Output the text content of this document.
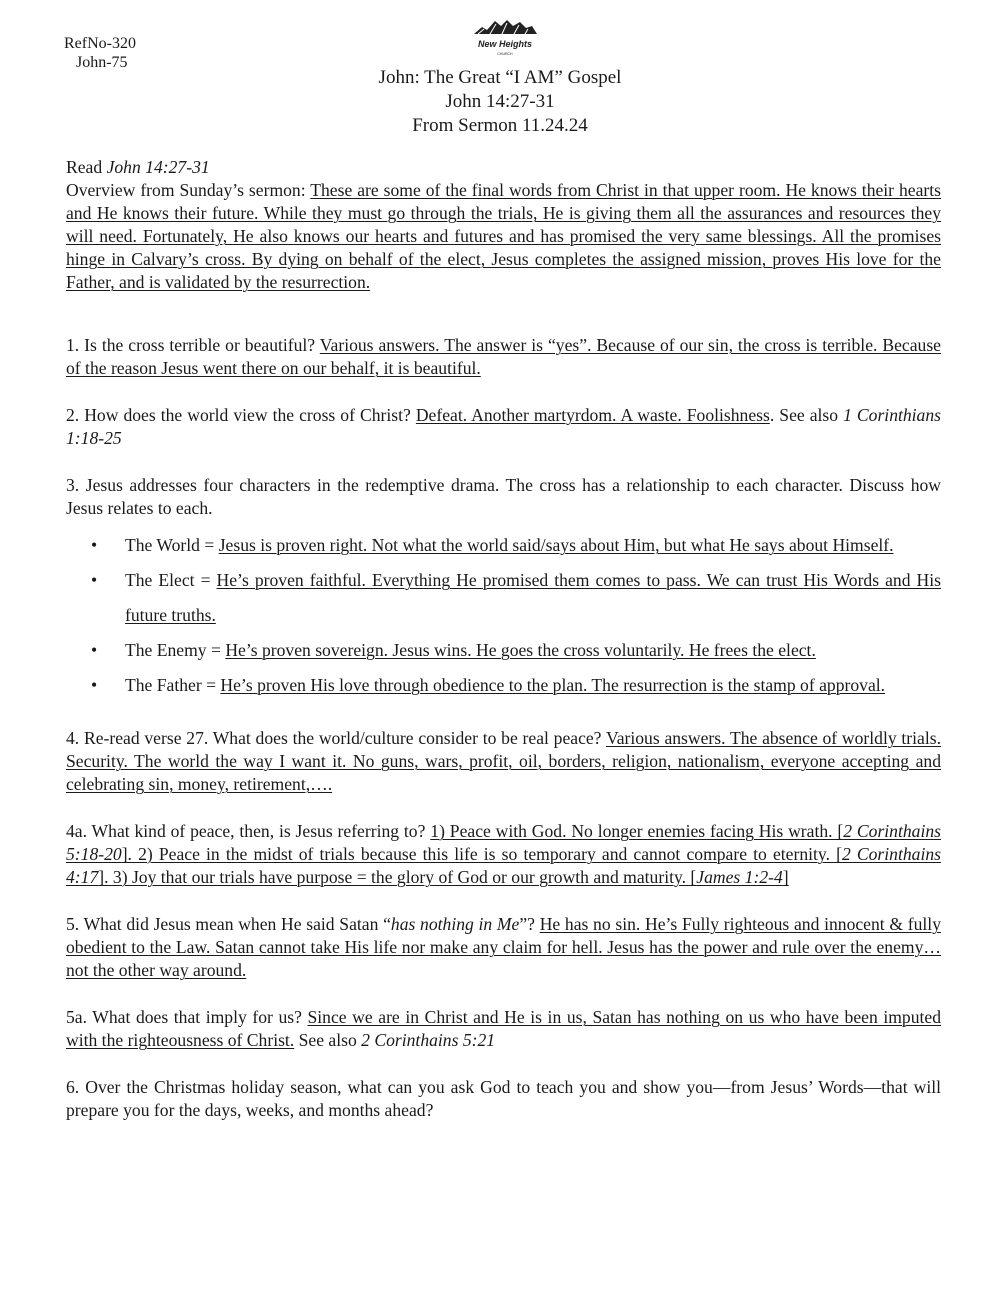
RefNo-320
John-75
New Heights
CHURCH
John: The Great “I AM” Gospel
John 14:27-31
From Sermon 11.24.24

Read John 14:27-31

Overview from Sunday’s sermon: These are some of the final words from Christ in that upper room. He knows their hearts and He knows their future. While they must go through the trials, He is giving them all the assurances and resources they will need. Fortunately, He also knows our hearts and futures and has promised the very same blessings. All the promises hinge in Calvary’s cross. By dying on behalf of the elect, Jesus completes the assigned mission, proves His love for the Father, and is validated by the resurrection.

1. Is the cross terrible or beautiful? Various answers. The answer is “yes”. Because of our sin, the cross is terrible. Because of the reason Jesus went there on our behalf, it is beautiful.

2. How does the world view the cross of Christ? Defeat. Another martyrdom. A waste. Foolishness. See also 1 Corinthians 1:18-25

3. Jesus addresses four characters in the redemptive drama. The cross has a relationship to each character. Discuss how Jesus relates to each.

• The World = Jesus is proven right. Not what the world said/says about Him, but what He says about Himself.
• The Elect = He’s proven faithful. Everything He promised them comes to pass. We can trust His Words and His future truths.
• The Enemy = He’s proven sovereign. Jesus wins. He goes the cross voluntarily. He frees the elect.
• The Father = He’s proven His love through obedience to the plan. The resurrection is the stamp of approval.

4. Re-read verse 27. What does the world/culture consider to be real peace? Various answers. The absence of worldly trials. Security. The world the way I want it. No guns, wars, profit, oil, borders, religion, nationalism, everyone accepting and celebrating sin, money, retirement,….

4a. What kind of peace, then, is Jesus referring to? 1) Peace with God. No longer enemies facing His wrath. [2 Corinthains 5:18-20]. 2) Peace in the midst of trials because this life is so temporary and cannot compare to eternity. [2 Corinthains 4:17]. 3) Joy that our trials have purpose = the glory of God or our growth and maturity. [James 1:2-4]

5. What did Jesus mean when He said Satan “has nothing in Me”? He has no sin. He’s Fully righteous and innocent & fully obedient to the Law. Satan cannot take His life nor make any claim for hell. Jesus has the power and rule over the enemy…not the other way around.

5a. What does that imply for us? Since we are in Christ and He is in us, Satan has nothing on us who have been imputed with the righteousness of Christ. See also 2 Corinthains 5:21

6. Over the Christmas holiday season, what can you ask God to teach you and show you—from Jesus’ Words—that will prepare you for the days, weeks, and months ahead?
